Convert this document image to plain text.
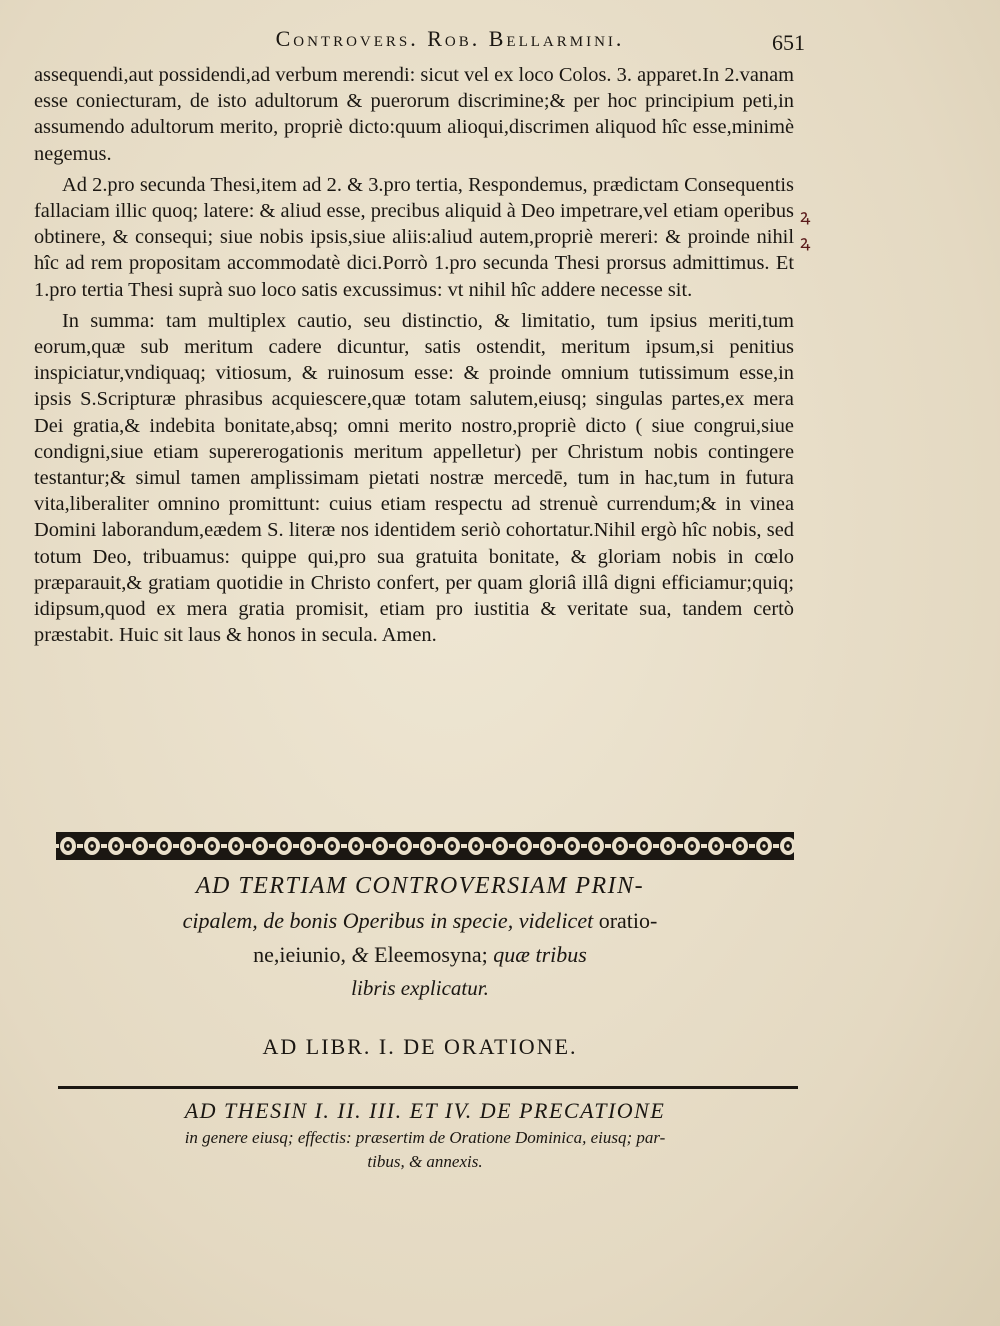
Controvers. Rob. Bellarmini.	651

assequendi,aut possidendi,ad verbum merendi: sicut vel ex loco Colos. 3. apparet.In 2.vanam esse coniecturam, de isto adultorum & puerorum discrimine;& per hoc principium peti,in assumendo adultorum merito, propriè dicto:quum alioqui,discrimen aliquod hîc esse,minimè negemus.

Ad 2.pro secunda Thesi,item ad 2. & 3.pro tertia, Respondemus, prædictam Consequentis fallaciam illic quoq; latere: & aliud esse, precibus aliquid à Deo impetrare,vel etiam operibus obtinere, & consequi; siue nobis ipsis,siue aliis:aliud autem,propriè mereri: & proinde nihil hîc ad rem propositam accommodatè dici.Porrò 1.pro secunda Thesi prorsus admittimus. Et 1.pro tertia Thesi suprà suo loco satis excussimus: vt nihil hîc addere necesse sit.

In summa: tam multiplex cautio, seu distinctio, & limitatio, tum ipsius meriti,tum eorum,quæ sub meritum cadere dicuntur, satis ostendit, meritum ipsum,si penitius inspiciatur,vndiquaq; vitiosum, & ruinosum esse: & proinde omnium tutissimum esse,in ipsis S.Scripturæ phrasibus acquiescere,quæ totam salutem,eiusq; singulas partes,ex mera Dei gratia,& indebita bonitate,absq; omni merito nostro,propriè dicto ( siue congrui,siue condigni,siue etiam supererogationis meritum appelletur) per Christum nobis contingere testantur;& simul tamen amplissimam pietati nostræ mercedē, tum in hac,tum in futura vita,liberaliter omnino promittunt: cuius etiam respectu ad strenuè currendum;& in vinea Domini laborandum,eædem S. literæ nos identidem seriò cohortatur.Nihil ergò hîc nobis, sed totum Deo, tribuamus: quippe qui,pro sua gratuita bonitate, & gloriam nobis in cœlo præparauit,& gratiam quotidie in Christo confert, per quam gloriâ illâ digni efficiamur;quiq; idipsum,quod ex mera gratia promisit, etiam pro iustitia & veritate sua, tandem certò præstabit. Huic sit laus & honos in secula. Amen.

ꝝ
ꝝ
AD TERTIAM CONTROVERSIAM PRIN-
cipalem, de bonis Operibus in specie, videlicet oratio-
ne,ieiunio, & Eleemosyna; quæ tribus
libris explicatur.
AD LIBR. I. DE ORATIONE.
AD THESIN I. II. III. ET IV. DE PRECATIONE
in genere eiusq; effectis: præsertim de Oratione Dominica, eiusq; par-
tibus, & annexis.
